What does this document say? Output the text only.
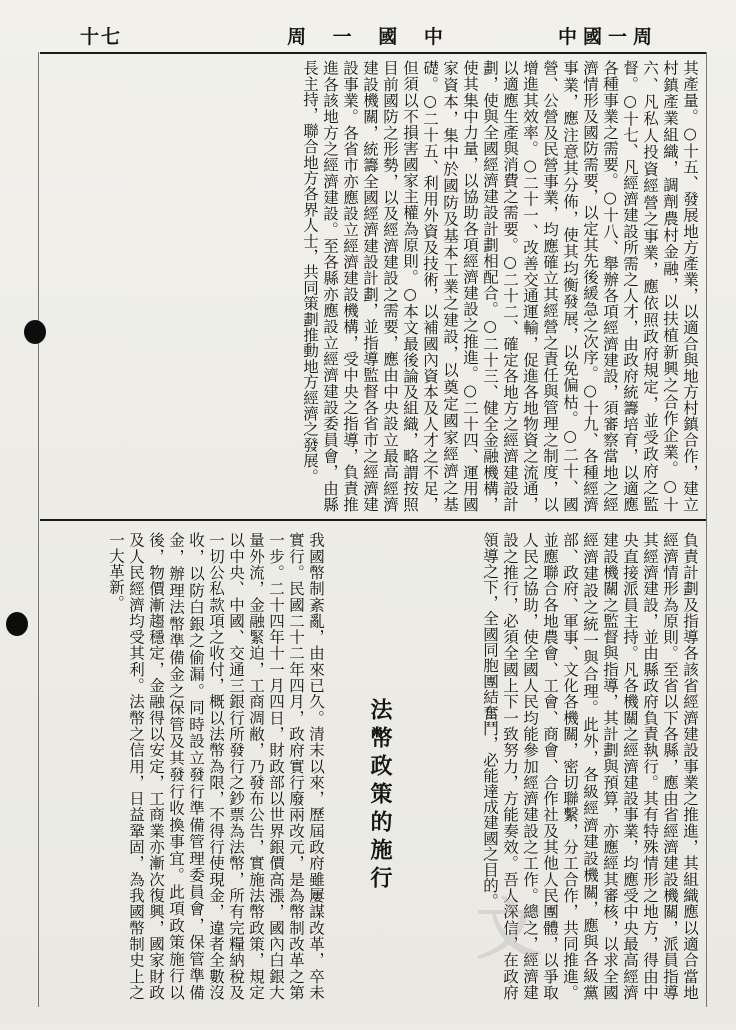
十七	周 一 國 中	中國一周
其產量。○十五、發展地方產業，以適合與地方村鎮合作，建立村鎮產業組織，調劑農村金融，以扶植新興之合作企業。○十六、凡私人投資經營之事業，應依照政府規定，並受政府之監督。○十七、凡經濟建設所需之人才，由政府統籌培育，以適應各種事業之需要。○十八、舉辦各項經濟建設，須審察當地之經濟情形及國防需要，以定其先後緩急之次序。○十九、各種經濟事業，應注意其分佈，使其均衡發展，以免偏枯。○二十、國營、公營及民營事業，均應確立其經營之責任與管理之制度，以增進其效率。○二十一、改善交通運輸，促進各地物資之流通，以適應生產與消費之需要。○二十二、確定各地方之經濟建設計劃，使與全國經濟建設計劃相配合。○二十三、健全金融機構，使其集中力量，以協助各項經濟建設之推進。○二十四、運用國家資本，集中於國防及基本工業之建設，以奠定國家經濟之基礎。○二十五、利用外資及技術，以補國內資本及人才之不足，但須以不損害國家主權為原則。○本文最後論及組織，略謂按照目前國防之形勢，以及經濟建設之需要，應由中央設立最高經濟建設機關，統籌全國經濟建設計劃，並指導監督各省市之經濟建設事業。各省市亦應設立經濟建設機構，受中央之指導，負責推進各該地方之經濟建設。至各縣亦應設立經濟建設委員會，由縣長主持，聯合地方各界人士，共同策劃推動地方經濟之發展。
負責計劃及指導各該省經濟建設事業之推進，其組織應以適合當地經濟情形為原則。至省以下各縣，應由省經濟建設機關，派員指導其經濟建設，並由縣政府負責執行。其有特殊情形之地方，得由中央直接派員主持。凡各機關之經濟建設事業，均應受中央最高經濟建設機關之監督與指導，其計劃與預算，亦應經其審核，以求全國經濟建設之統一與合理。此外，各級經濟建設機關，應與各級黨部、政府、軍事、文化各機關，密切聯繫，分工合作，共同推進。並應聯合各地農會、工會、商會、合作社及其他人民團體，以爭取人民之協助，使全國人民均能參加經濟建設之工作。總之，經濟建設之推行，必須全國上下一致努力，方能奏效。吾人深信，在政府領導之下，全國同胞團結奮鬥，必能達成建國之目的。
法幣政策的施行
我國幣制紊亂，由來已久。清末以來，歷屆政府雖屢謀改革，卒未實行。民國二十二年四月，政府實行廢兩改元，是為幣制改革之第一步。二十四年十一月四日，財政部以世界銀價高漲，國內白銀大量外流，金融緊迫，工商凋敝，乃發布公告，實施法幣政策，規定以中央、中國、交通三銀行所發行之鈔票為法幣，所有完糧納稅及一切公私款項之收付，概以法幣為限，不得行使現金，違者全數沒收，以防白銀之偷漏。同時設立發行準備管理委員會，保管準備金，辦理法幣準備金之保管及其發行收換事宜。此項政策施行以後，物價漸趨穩定，金融得以安定，工商業亦漸次復興，國家財政及人民經濟均受其利。法幣之信用，日益鞏固，為我國幣制史上之一大革新。
文
